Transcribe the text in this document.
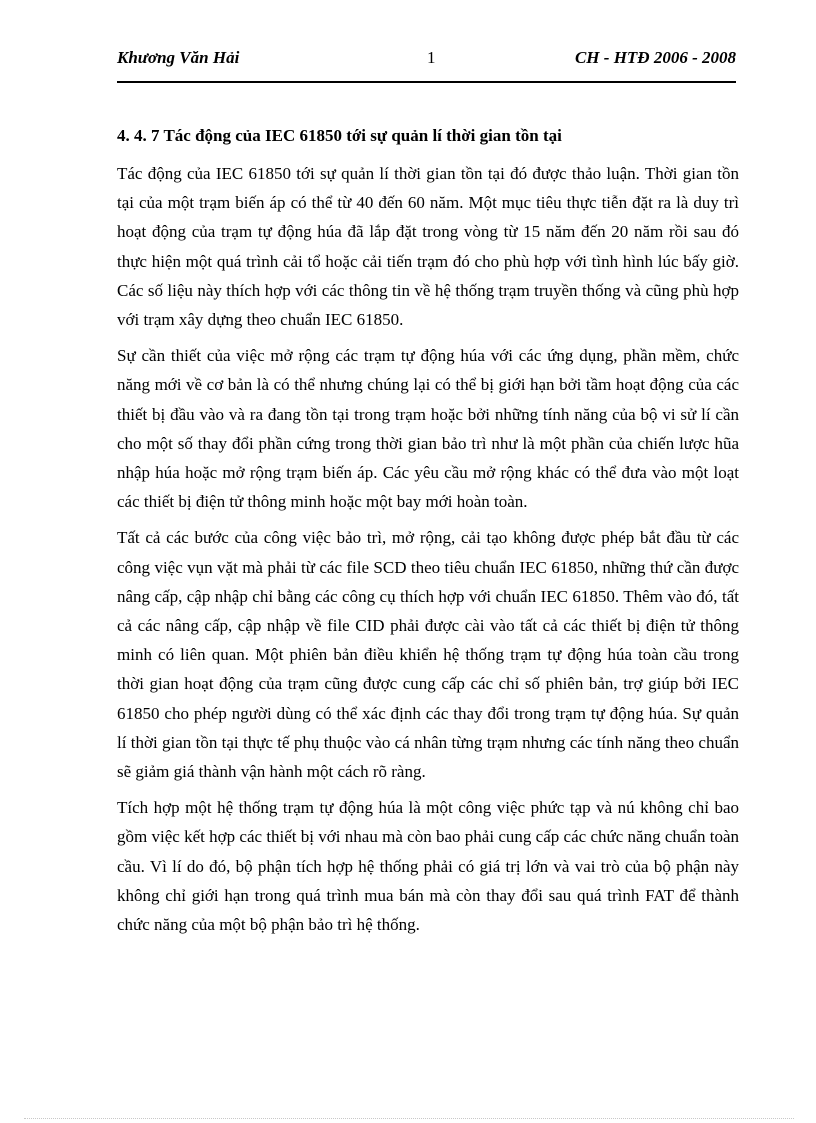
Khương Văn Hải	1	CH - HTĐ 2006 - 2008
4. 4. 7 Tác động của IEC 61850 tới sự quản lí thời gian tồn tại

Tác động của IEC 61850 tới sự quản lí thời gian tồn tại đó được thảo luận. Thời gian tồn tại của một trạm biến áp có thể từ 40 đến 60 năm. Một mục tiêu thực tiễn đặt ra là duy trì hoạt động của trạm tự động húa đã lắp đặt trong vòng từ 15 năm đến 20 năm rồi sau đó thực hiện một quá trình cải tổ hoặc cải tiến trạm đó cho phù hợp với tình hình lúc bấy giờ. Các số liệu này thích hợp với các thông tin về hệ thống trạm truyền thống và cũng phù hợp với trạm xây dựng theo chuẩn IEC 61850.

Sự cần thiết của việc mở rộng các trạm tự động húa với các ứng dụng, phần mềm, chức năng mới về cơ bản là có thể nhưng chúng lại có thể bị giới hạn bởi tầm hoạt động của các thiết bị đầu vào và ra đang tồn tại trong trạm hoặc bởi những tính năng của bộ vi sử lí cần cho một số thay đổi phần cứng trong thời gian bảo trì như là một phần của chiến lược hũa nhập húa hoặc mở rộng trạm biến áp. Các yêu cầu mở rộng khác có thể đưa vào một loạt các thiết bị điện tử thông minh hoặc một bay mới hoàn toàn.

Tất cả các bước của công việc bảo trì, mở rộng, cải tạo không được phép bắt đầu từ các công việc vụn vặt mà phải từ các file SCD theo tiêu chuẩn IEC 61850, những thứ cần được nâng cấp, cập nhập chỉ bằng các công cụ thích hợp với chuẩn IEC 61850. Thêm vào đó, tất cả các nâng cấp, cập nhập về file CID phải được cài vào tất cả các thiết bị điện tử thông minh có liên quan. Một phiên bản điều khiển hệ thống trạm tự động húa toàn cầu trong thời gian hoạt động của trạm cũng được cung cấp các chỉ số phiên bản, trợ giúp bởi IEC 61850 cho phép người dùng có thể xác định các thay đổi trong trạm tự động húa. Sự quản lí thời gian tồn tại thực tế phụ thuộc vào cá nhân từng trạm nhưng các tính năng theo chuẩn sẽ giảm giá thành vận hành một cách rõ ràng.

Tích hợp một hệ thống trạm tự động húa là một công việc phức tạp và nú không chỉ bao gồm việc kết hợp các thiết bị với nhau mà còn bao phải cung cấp các chức năng chuẩn toàn cầu. Vì lí do đó, bộ phận tích hợp hệ thống phải có giá trị lớn và vai trò của bộ phận này không chỉ giới hạn trong quá trình mua bán mà còn thay đổi sau quá trình FAT để thành chức năng của một bộ phận bảo trì hệ thống.
